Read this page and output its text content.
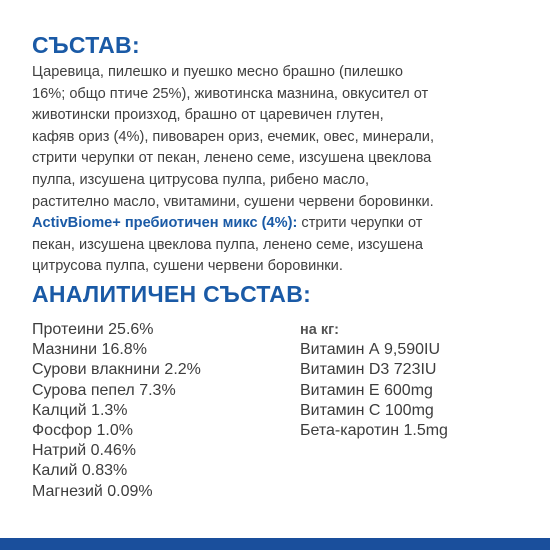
СЪСТАВ:
Царевица, пилешко и пуешко месно брашно (пилешко
16%; общо птиче 25%), животинска мазнина, овкусител от
животински произход, брашно от царевичен глутен,
кафяв ориз (4%), пивоварен ориз, ечемик, овес, минерали,
стрити черупки от пекан, ленено семе, изсушена цвеклова
пулпа, изсушена цитрусова пулпа, рибено масло,
растително масло, vвитамини, сушени червени боровинки.
ActivBiome+ пребиотичен микс (4%): стрити черупки от
пекан, изсушена цвеклова пулпа, ленено семе, изсушена
цитрусова пулпа, сушени червени боровинки.
АНАЛИТИЧЕН СЪСТАВ:
Протеини 25.6%
Мазнини 16.8%
Сурови влакнини 2.2%
Сурова пепел 7.3%
Калций 1.3%
Фосфор 1.0%
Натрий 0.46%
Калий 0.83%
Магнезий 0.09%
на кг:
Витамин А 9,590IU
Витамин D3 723IU
Витамин Е 600mg
Витамин С 100mg
Бета-каротин 1.5mg
